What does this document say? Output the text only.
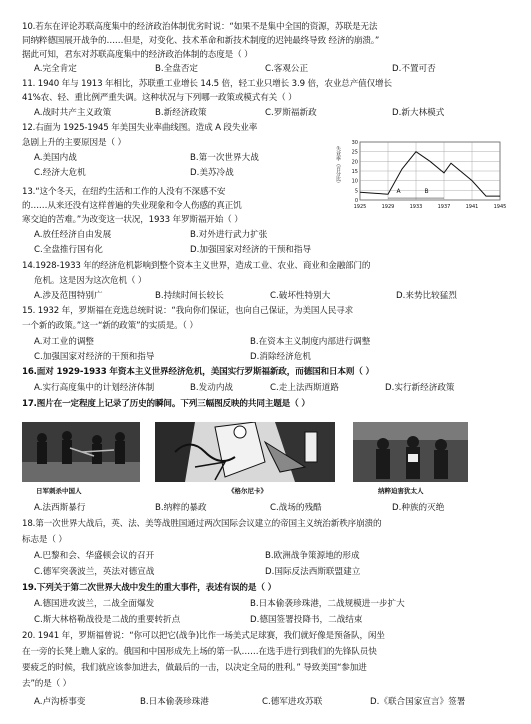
10.若东在评论苏联高度集中的经济政治体制优劣时说：“如果不是集中全国的资源，苏联是无法
同纳粹德国展开战争的……但是，对变化、技术革命和新技术制度的迟钝最终导致 经济的崩溃。”
据此可知，君东对苏联高度集中的经济政治体制的态度是（ ）
A.完全肯定	B.全盘否定	C.客观公正	D.不置可否
11. 1940 年与 1913 年相比，苏联重工业增长 14.5 倍，轻工业只增长 3.9 倍，农业总产值仅增长
41%农、轻、重比例严重失调。这种状况与下列哪一政策或模式有关（ ）
A.战时共产主义政策	B.新经济政策	C.罗斯福新政	D.新大林模式
12.右面为 1925-1945 年美国失业率曲线图。造成 A 段失业率
急剧上升的主要原因是（ ）
A.美国内战	B.第一次世界大战
C.经济大危机	D.美苏冷战
0
5
10
15
20
25
30
1925	1929	1933	1937	1941	1945
失业率（百分比）
A	B
13.“这个冬天，在纽约生活和工作的人没有不深感不安
的……从来还没有这样普遍的失业现象和令人伤感的真正饥
寒交迫的苦难。”为改变这一状况，1933 年罗斯福开始（ ）
A.放任经济自由发展	B.对外进行武力扩张
C.全盘推行国有化	D.加强国家对经济的干预和指导
14.1928-1933 年的经济危机影响到整个资本主义世界，造成工业、农业、商业和金融部门的
危机。这是因为这次危机（ ）
A.涉及范围特别广	B.持续时间长较长	C.破坏性特别大	D.来势比较猛烈
15. 1932 年，罗斯福在竞选总统时说：“我向你们保证，也向自己保证，为美国人民寻求
一个新的政策。”这一“新的政策”的实质是。（ ）
A.对工业的调整	B.在资本主义制度内部进行调整
C.加强国家对经济的干预和指导	D.消除经济危机
16.面对 1929-1933 年资本主义世界经济危机，美国实行罗斯福新政，而德国和日本则（ ）
A.实行高度集中的计划经济体制	B.发动内战	C.走上法西斯道路	D.实行新经济政策
17.图片在一定程度上记录了历史的瞬间。下列三幅图反映的共同主题是（ ）
日军刺杀中国人	《格尔尼卡》	纳粹迫害犹太人
A.法西斯暴行	B.纳粹的暴政	C.战场的残酷	D.种族的灭绝
18.第一次世界大战后，英、法、美等战胜国通过两次国际会议建立的帝国主义统治新秩序崩溃的
标志是（ ）
A.巴黎和会、华盛顿会议的召开	B.欧洲战争策源地的形成
C.德军突袭波兰，英法对德宣战	D.国际反法西斯联盟建立
19.下列关于第二次世界大战中发生的重大事件，表述有误的是（ ）
A.德国进攻波兰，二战全面爆发	B.日本偷袭珍珠港，二战规模进一步扩大
C.斯大林格勒战役是二战的重要转折点	D.德国签署投降书，二战结束
20. 1941 年，罗斯福曾说：“你可以把它(战争)比作一场美式足球赛，我们就好像是预备队，闲坐
在一旁的长凳上瞧人家的。俄国和中国形成先上场的第一队……在选手进行到我们的先锋队员快
要疲乏的时候，我们就应该参加进去，做最后的一击，以决定全局的胜利。” 导致美国“参加进
去”的是（ ）
A.卢沟桥事变	B.日本偷袭珍珠港	C.德军进攻苏联	D.《联合国家宣言》签署
